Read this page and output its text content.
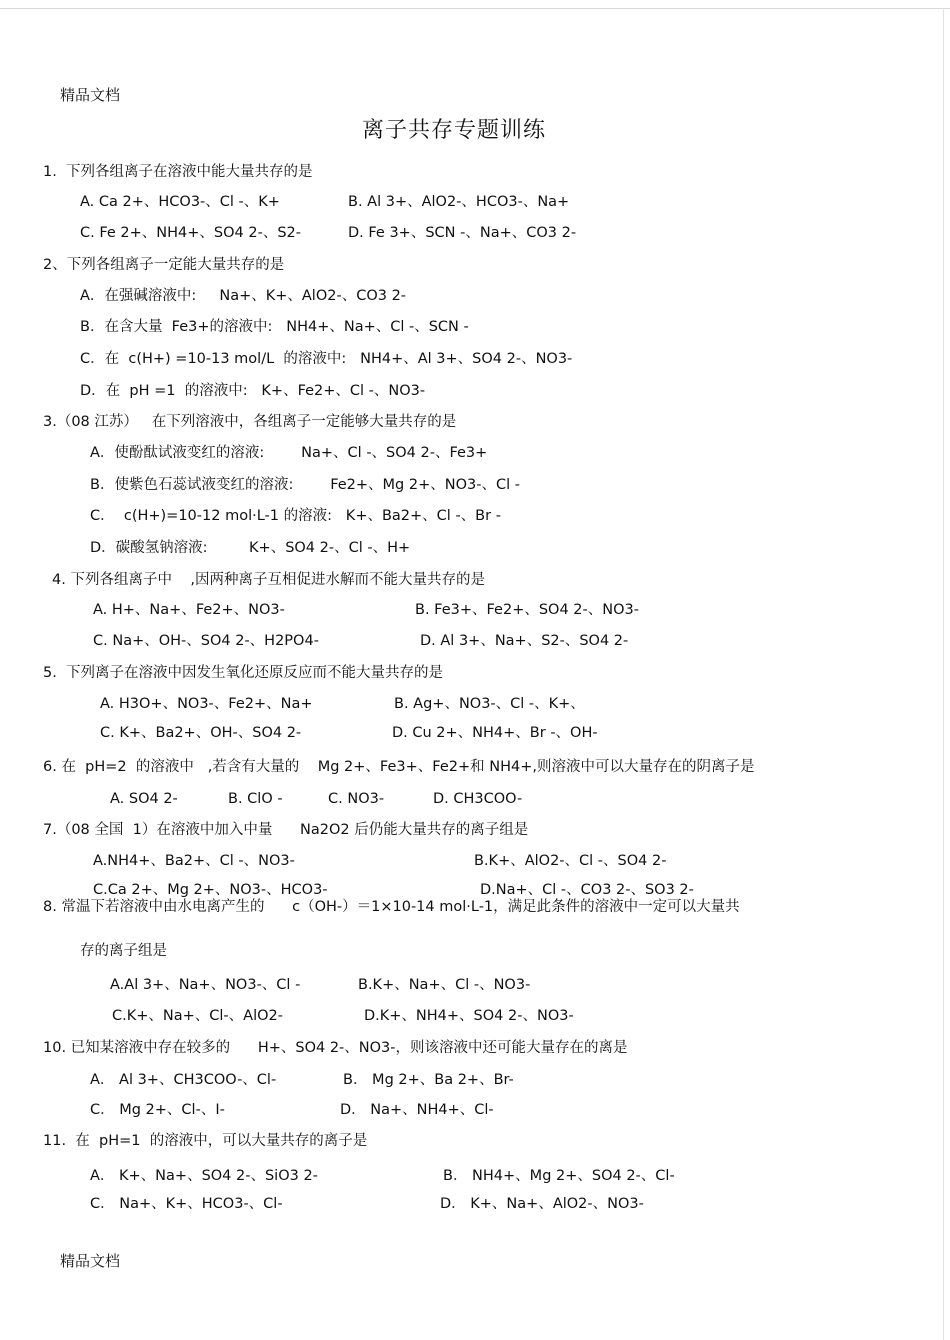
精品文档
离子共存专题训练
1.  下列各组离子在溶液中能大量共存的是
A. Ca 2+、HCO3-、Cl -、K+	B. Al 3+、AlO2-、HCO3-、Na+
C. Fe 2+、NH4+、SO4 2-、S2-	D. Fe 3+、SCN -、Na+、CO3 2-
2、下列各组离子一定能大量共存的是
A．在强碱溶液中:     Na+、K+、AlO2-、CO3 2-
B．在含大量  Fe3+的溶液中:   NH4+、Na+、Cl -、SCN -
C．在  c(H+) =10-13 mol/L  的溶液中:   NH4+、Al 3+、SO4 2-、NO3-
D．在  pH =1  的溶液中:   K+、Fe2+、Cl -、NO3-
3.（08 江苏）   在下列溶液中，各组离子一定能够大量共存的是
A．使酚酞试液变红的溶液:        Na+、Cl -、SO4 2-、Fe3+
B．使紫色石蕊试液变红的溶液:        Fe2+、Mg 2+、NO3-、Cl -
C．  c(H+)=10-12 mol·L-1 的溶液:   K+、Ba2+、Cl -、Br -
D．碳酸氢钠溶液:         K+、SO4 2-、Cl -、H+
4. 下列各组离子中    ,因两种离子互相促进水解而不能大量共存的是
A. H+、Na+、Fe2+、NO3-	B. Fe3+、Fe2+、SO4 2-、NO3-
C. Na+、OH-、SO4 2-、H2PO4-	D. Al 3+、Na+、S2-、SO4 2-
5.  下列离子在溶液中因发生氧化还原反应而不能大量共存的是
A. H3O+、NO3-、Fe2+、Na+	B. Ag+、NO3-、Cl -、K+、
C. K+、Ba2+、OH-、SO4 2-	D. Cu 2+、NH4+、Br -、OH-
6. 在  pH=2  的溶液中   ,若含有大量的    Mg 2+、Fe3+、Fe2+和 NH4+,则溶液中可以大量存在的阴离子是
A. SO4 2-	B. ClO -	C. NO3-	D. CH3COO-
7.（08 全国  1）在溶液中加入中量      Na2O2 后仍能大量共存的离子组是
A.NH4+、Ba2+、Cl -、NO3-	B.K+、AlO2-、Cl -、SO4 2-
C.Ca 2+、Mg 2+、NO3-、HCO3-	D.Na+、Cl -、CO3 2-、SO3 2-
8. 常温下若溶液中由水电离产生的      c（OH-）＝1×10-14 mol·L-1，满足此条件的溶液中一定可以大量共
存的离子组是
A.Al 3+、Na+、NO3-、Cl -	B.K+、Na+、Cl -、NO3-
C.K+、Na+、Cl-、AlO2-	D.K+、NH4+、SO4 2-、NO3-
10. 已知某溶液中存在较多的      H+、SO4 2-、NO3-，则该溶液中还可能大量存在的离是
A． Al 3+、CH3COO-、Cl-	B． Mg 2+、Ba 2+、Br-
C． Mg 2+、Cl-、I-	D． Na+、NH4+、Cl-
11.  在  pH=1  的溶液中，可以大量共存的离子是
A． K+、Na+、SO4 2-、SiO3 2-	B． NH4+、Mg 2+、SO4 2-、Cl-
C． Na+、K+、HCO3-、Cl-	D． K+、Na+、AlO2-、NO3-
精品文档
